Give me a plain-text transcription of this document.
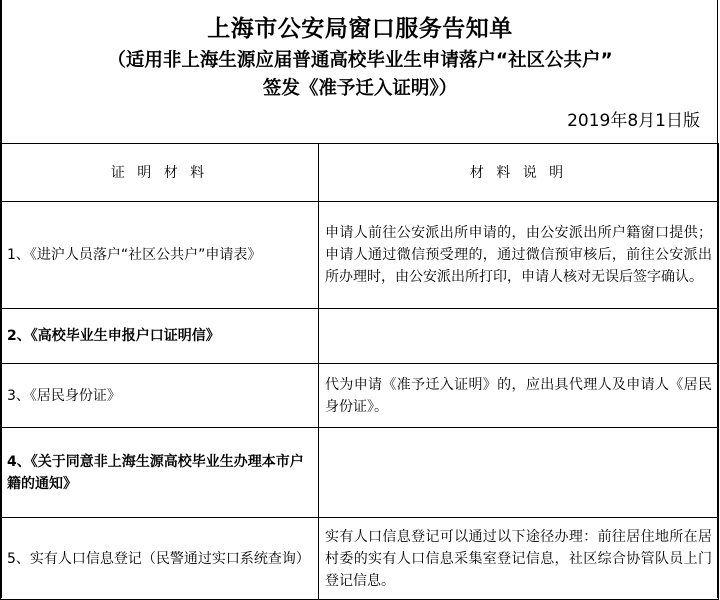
上海市公安局窗口服务告知单
（适用非上海生源应届普通高校毕业生申请落户“社区公共户”
签发《准予迁入证明》）
2019年8月1日版
证 明 材 料	材 料 说 明
1、《进沪人员落户“社区公共户”申请表》	申请人前往公安派出所申请的，由公安派出所户籍窗口提供；申请人通过微信预受理的，通过微信预审核后，前往公安派出所办理时，由公安派出所打印，申请人核对无误后签字确认。
2、《高校毕业生申报户口证明信》	
3、《居民身份证》	代为申请《准予迁入证明》的，应出具代理人及申请人《居民身份证》。
4、《关于同意非上海生源高校毕业生办理本市户籍的通知》	
5、实有人口信息登记（民警通过实口系统查询）	实有人口信息登记可以通过以下途径办理：前往居住地所在居村委的实有人口信息采集室登记信息，社区综合协管队员上门登记信息。
